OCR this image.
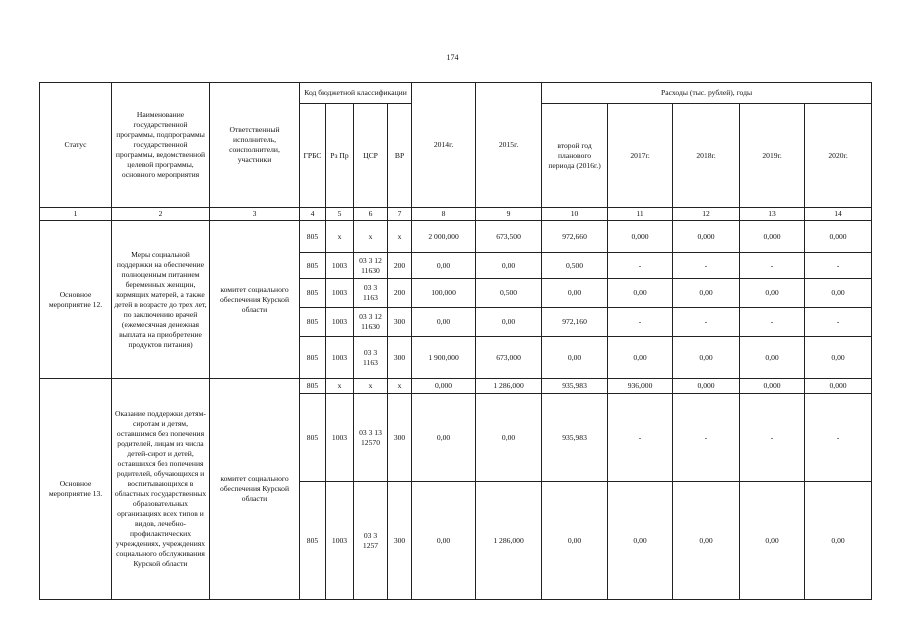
174
Статус	Наименование государственной программы, подпрограммы государственной программы, ведомственной целевой программы, основного мероприятия	Ответственный исполнитель, соисполнители, участники	Код бюджетной классификации				2014г.	2015г.	Расходы (тыс. рублей), годы				
			ГРБС	Рз Пр	ЦСР	ВР			второй год планового периода (2016г.)	2017г.	2018г.	2019г.	2020г.
1	2	3	4	5	6	7	8	9	10	11	12	13	14
Основное мероприятие 12.	Меры социальной поддержки на обеспечение полноценным питанием беременных женщин, кормящих матерей, а также детей в возрасте до трех лет, по заключению врачей (ежемесячная денежная выплата на приобретение продуктов питания)	комитет социального обеспечения Курской области	805	x	x	x	2 000,000	673,500	972,660	0,000	0,000	0,000	0,000
			805	1003	03 3 12 11630	200	0,00	0,00	0,500	-	-	-	-
			805	1003	03 3 1163	200	100,000	0,500	0,00	0,00	0,00	0,00	0,00
			805	1003	03 3 12 11630	300	0,00	0,00	972,160	-	-	-	-
			805	1003	03 3 1163	300	1 900,000	673,000	0,00	0,00	0,00	0,00	0,00
Основное мероприятие 13.	Оказание поддержки детям-сиротам и детям, оставшимся без попечения родителей, лицам из числа детей-сирот и детей, оставшихся без попечения родителей, обучающихся и воспитывающихся в областных государственных образовательных организациях всех типов и видов, лечебно-профилактических учреждениях, учреждениях социального обслуживания Курской области	комитет социального обеспечения Курской области	805	x	x	x	0,000	1 286,000	935,983	936,000	0,000	0,000	0,000
			805	1003	03 3 13 12570	300	0,00	0,00	935,983	-	-	-	-
			805	1003	03 3 1257	300	0,00	1 286,000	0,00	0,00	0,00	0,00	0,00
